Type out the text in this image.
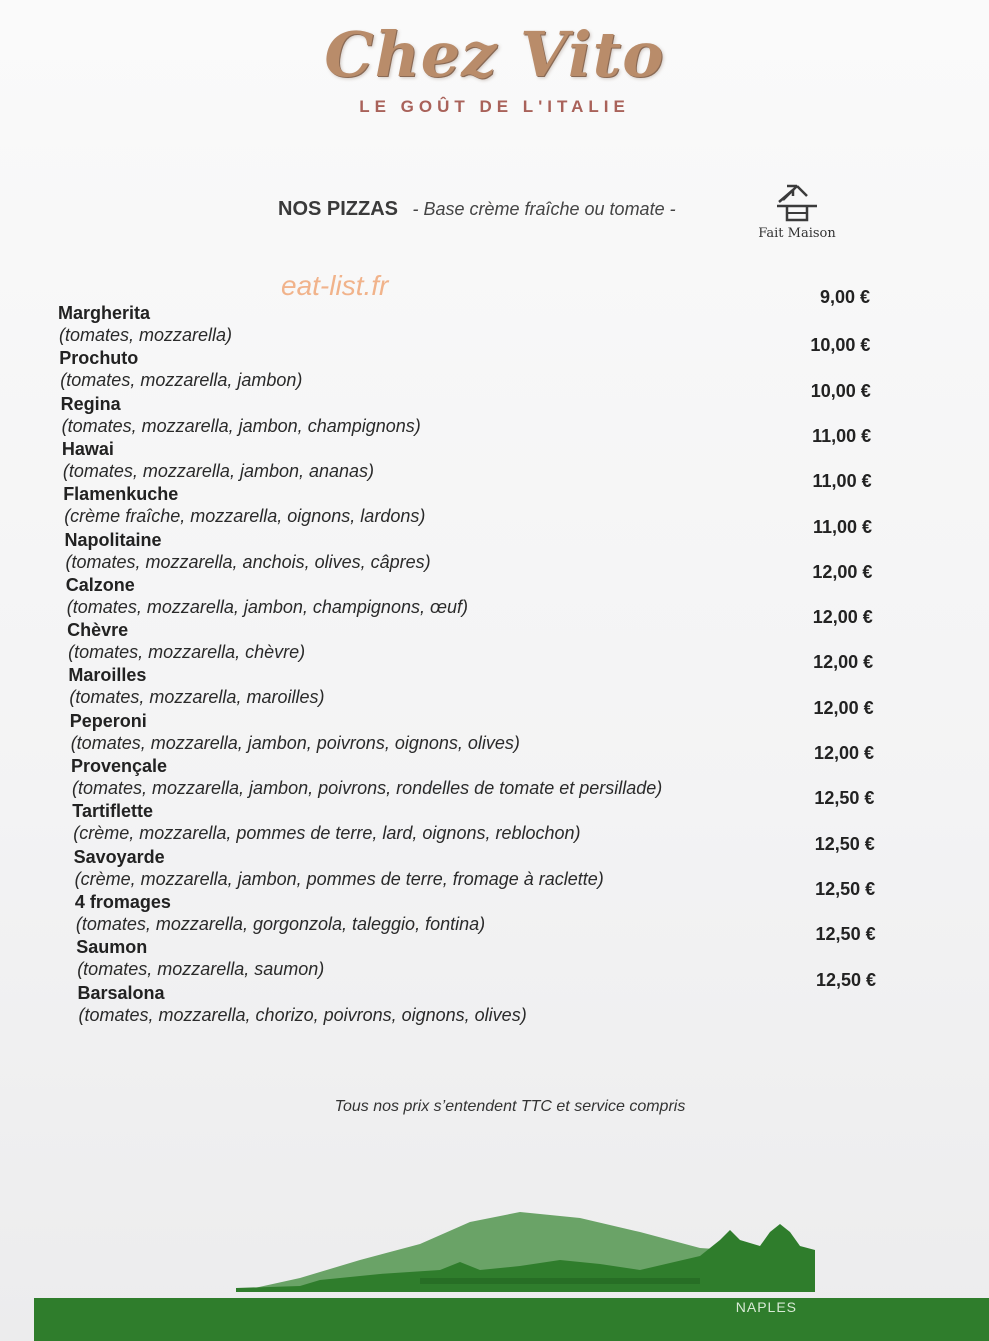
Chez Vito
LE GOÛT DE L'ITALIE
NOS PIZZAS - Base crème fraîche ou tomate -
Fait Maison
eat-list.fr
Margherita
(tomates, mozzarella)
9,00 €
Prochuto
(tomates, mozzarella, jambon)
10,00 €
Regina
(tomates, mozzarella, jambon, champignons)
10,00 €
Hawai
(tomates, mozzarella, jambon, ananas)
11,00 €
Flamenkuche
(crème fraîche, mozzarella, oignons, lardons)
11,00 €
Napolitaine
(tomates, mozzarella, anchois, olives, câpres)
11,00 €
Calzone
(tomates, mozzarella, jambon, champignons, œuf)
12,00 €
Chèvre
(tomates, mozzarella, chèvre)
12,00 €
Maroilles
(tomates, mozzarella, maroilles)
12,00 €
Peperoni
(tomates, mozzarella, jambon, poivrons, oignons, olives)
12,00 €
Provençale
(tomates, mozzarella, jambon, poivrons, rondelles de tomate et persillade)
12,00 €
Tartiflette
(crème, mozzarella, pommes de terre, lard, oignons, reblochon)
12,50 €
Savoyarde
(crème, mozzarella, jambon, pommes de terre, fromage à raclette)
12,50 €
4 fromages
(tomates, mozzarella, gorgonzola, taleggio, fontina)
12,50 €
Saumon
(tomates, mozzarella, saumon)
12,50 €
Barsalona
(tomates, mozzarella, chorizo, poivrons, oignons, olives)
12,50 €
Tous nos prix s’entendent TTC et service compris
NAPLES
